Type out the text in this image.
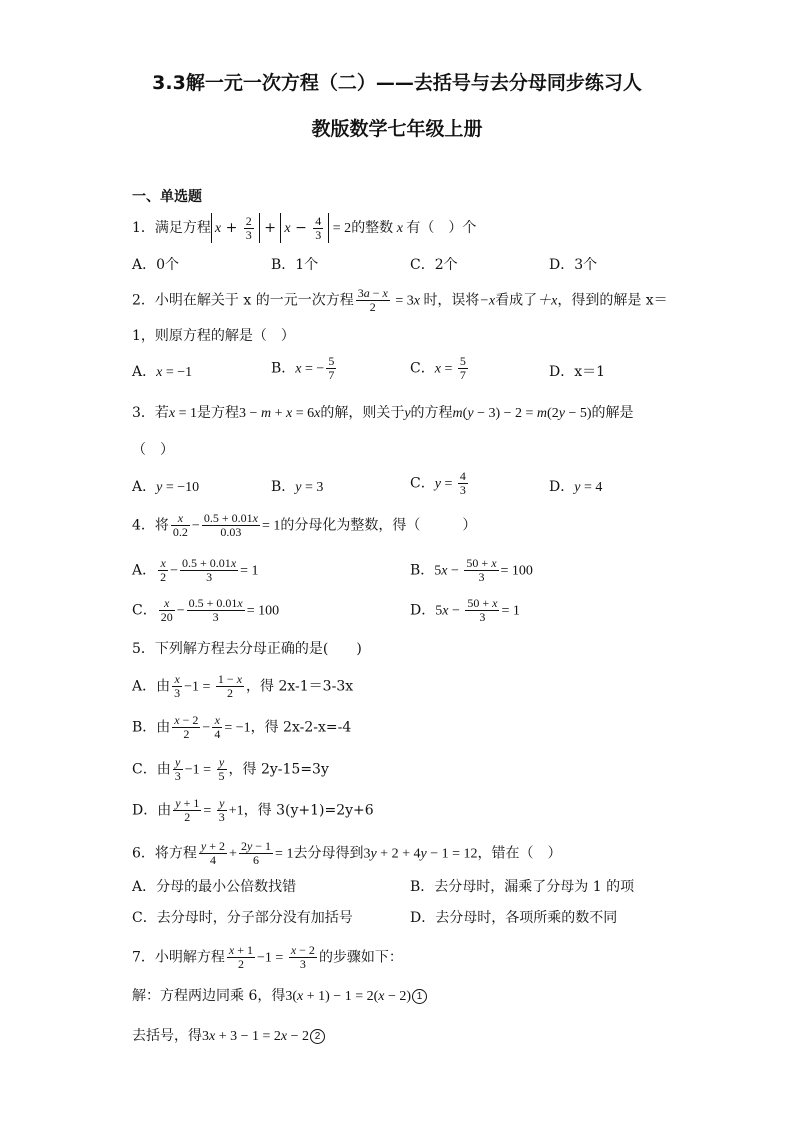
3.3解一元一次方程（二）——去括号与去分母同步练习人
教版数学七年级上册
一、单选题
1．满足方程 $x + \frac{2}{3} + x - \frac{4}{3} = 2$的整数 x 有（　）个
A．0个	B．1个	C．2个	D．3个
2．小明在解关于 x 的一元一次方程 $\frac{3a - x}{2} = 3x$ 时，误将−x看成了＋x，得到的解是 x＝
1，则原方程的解是（　）
A．x = −1	B．x = − $\frac{5}{7}$	C．$x = \frac{5}{7}$	D．x＝1
3．若x = 1是方程3 − m + x = 6x的解，则关于y的方程m(y − 3) − 2 = m(2y − 5)的解是
（　）
A．y = −10	B．y = 3	C．$y = \frac{4}{3}$	D．y = 4
4．将 $\frac{x}{0.2} - \frac{0.5 + 0.01x}{0.03} = 1$的分母化为整数，得（　　　）
A． $\frac{x}{2} - \frac{0.5 + 0.01x}{3} = 1$	B．$5x - \frac{50 + x}{3} = 100$
C． $\frac{x}{20} - \frac{0.5 + 0.01x}{3} = 100$	D．$5x - \frac{50 + x}{3} = 1$
5．下列解方程去分母正确的是(　　)
A．由 $\frac{x}{3} -1 = \frac{1 - x}{2}$ ，得 2x-1＝3-3x
B．由 $\frac{x - 2}{2} - \frac{x}{4} = -1$，得 2x-2-x=-4
C．由 $\frac{y}{3} -1 = \frac{y}{5}$ ，得 2y-15=3y
D．由 $\frac{y + 1}{2} = \frac{y}{3} +1$，得 3(y+1)=2y+6
6．将方程 $\frac{y + 2}{4} + \frac{2y - 1}{6} = 1$去分母得到3y + 2 + 4y − 1 = 12，错在（　）
A．分母的最小公倍数找错	B．去分母时，漏乘了分母为 1 的项
C．去分母时，分子部分没有加括号	D．去分母时，各项所乘的数不同
7．小明解方程 $\frac{x + 1}{2} -1 = \frac{x - 2}{3}$ 的步骤如下：
解：方程两边同乘 6，得3(x + 1) − 1 = 2(x − 2) 1
去括号，得3x + 3 − 1 = 2x − 2 2
